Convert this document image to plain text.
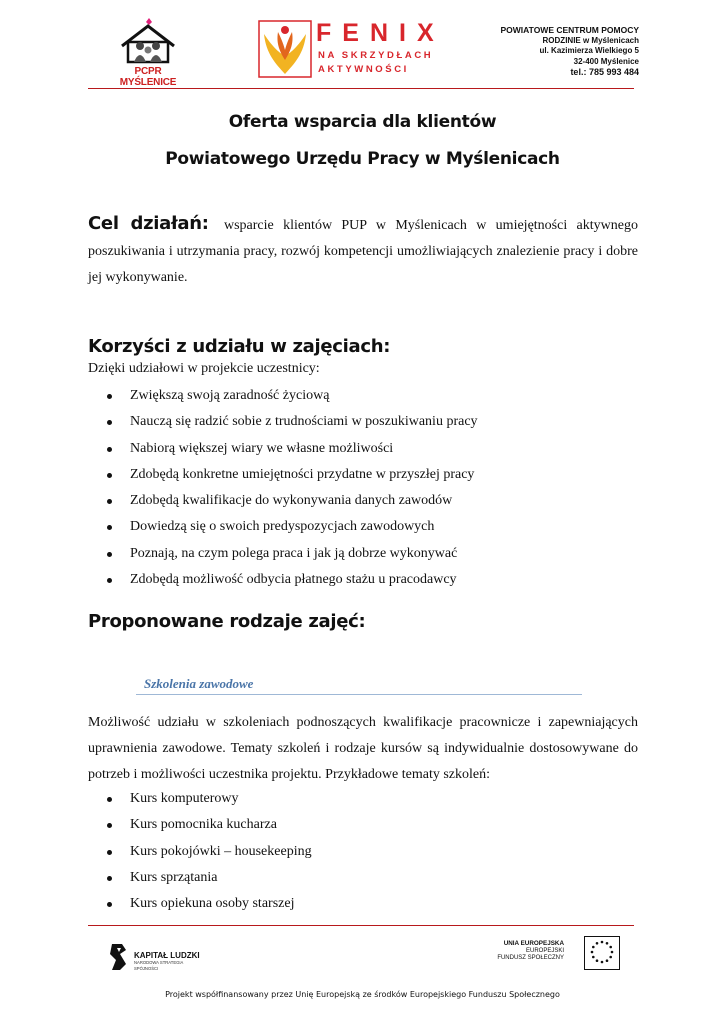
PCPR MYŚLENICE
FENIX
NA SKRZYDŁACH
AKTYWNOŚCI
POWIATOWE CENTRUM POMOCY
RODZINIE w Myślenicach
ul. Kazimierza Wielkiego 5
32-400 Myślenice
tel.: 785 993 484
Oferta wsparcia dla klientów
Powiatowego Urzędu Pracy w Myślenicach
Cel działań: wsparcie klientów PUP w Myślenicach w umiejętności aktywnego poszukiwania i utrzymania pracy, rozwój kompetencji umożliwiających znalezienie pracy i dobre jej wykonywanie.
Korzyści z udziału w zajęciach:
Dzięki udziałowi w projekcie uczestnicy:
Zwiększą swoją zaradność życiową
Nauczą się radzić sobie z trudnościami w poszukiwaniu pracy
Nabiorą większej wiary we własne możliwości
Zdobędą konkretne umiejętności przydatne w przyszłej pracy
Zdobędą kwalifikacje do wykonywania danych zawodów
Dowiedzą się o swoich predyspozycjach zawodowych
Poznają, na czym polega praca i jak ją dobrze wykonywać
Zdobędą możliwość odbycia płatnego stażu u pracodawcy
Proponowane rodzaje zajęć:
Szkolenia zawodowe
Możliwość udziału w szkoleniach podnoszących kwalifikacje pracownicze i zapewniających uprawnienia zawodowe. Tematy szkoleń i rodzaje kursów są indywidualnie dostosowywane do potrzeb i możliwości uczestnika projektu. Przykładowe tematy szkoleń:
Kurs komputerowy
Kurs pomocnika kucharza
Kurs pokojówki – housekeeping
Kurs sprzątania
Kurs opiekuna osoby starszej
KAPITAŁ LUDZKI
NARODOWA STRATEGIA SPÓJNOŚCI
UNIA EUROPEJSKA
EUROPEJSKI
FUNDUSZ SPOŁECZNY
Projekt współfinansowany przez Unię Europejską ze środków Europejskiego Funduszu Społecznego
